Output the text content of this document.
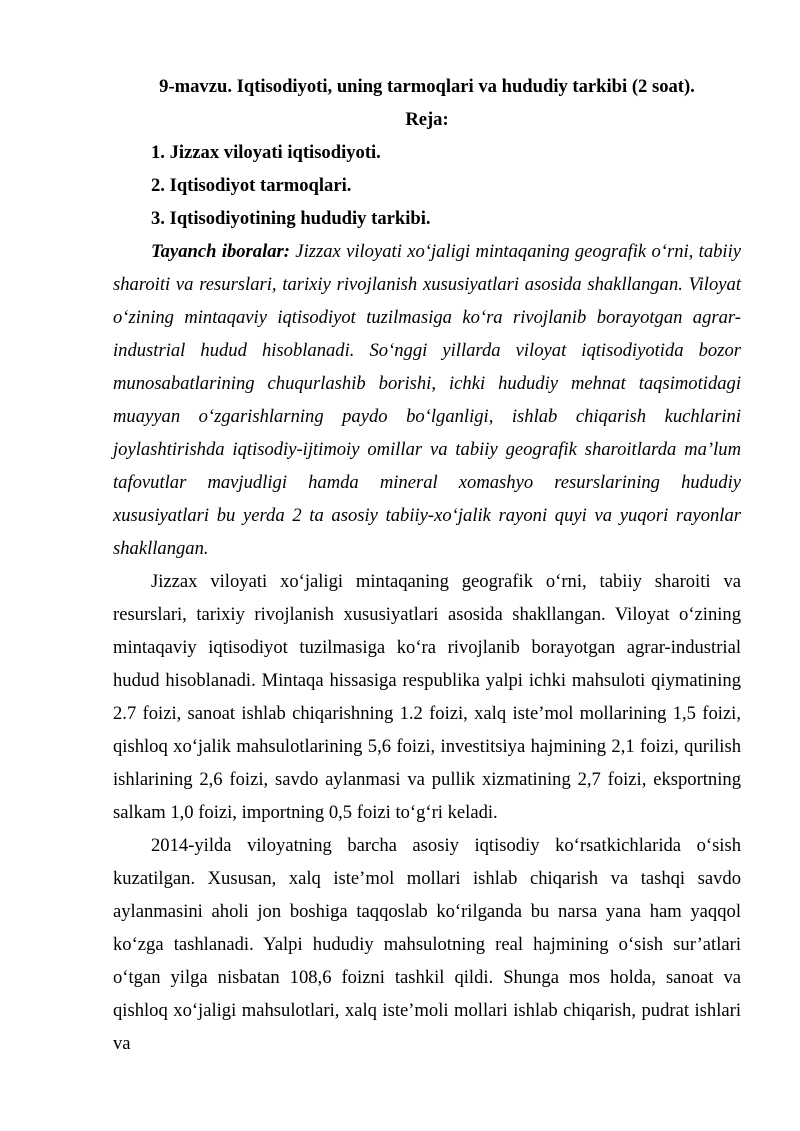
9-mavzu. Iqtisodiyoti, uning tarmoqlari va hududiy tarkibi (2 soat).

Reja:

1. Jizzax viloyati iqtisodiyoti.
2. Iqtisodiyot tarmoqlari.
3. Iqtisodiyotining hududiy tarkibi.

Tayanch iboralar: Jizzax viloyati xo‘jaligi mintaqaning geografik o‘rni, tabiiy sharoiti va resurslari, tarixiy rivojlanish xususiyatlari asosida shakllangan. Viloyat o‘zining mintaqaviy iqtisodiyot tuzilmasiga ko‘ra rivojlanib borayotgan agrar-industrial hudud hisoblanadi. So‘nggi yillarda viloyat iqtisodiyotida bozor munosabatlarining chuqurlashib borishi, ichki hududiy mehnat taqsimotidagi muayyan o‘zgarishlarning paydo bo‘lganligi, ishlab chiqarish kuchlarini joylashtirishda iqtisodiy-ijtimoiy omillar va tabiiy geografik sharoitlarda ma’lum tafovutlar mavjudligi hamda mineral xomashyo resurslarining hududiy xususiyatlari bu yerda 2 ta asosiy tabiiy-xo‘jalik rayoni quyi va yuqori rayonlar shakllangan.

Jizzax viloyati xo‘jaligi mintaqaning geografik o‘rni, tabiiy sharoiti va resurslari, tarixiy rivojlanish xususiyatlari asosida shakllangan. Viloyat o‘zining mintaqaviy iqtisodiyot tuzilmasiga ko‘ra rivojlanib borayotgan agrar-industrial hudud hisoblanadi. Mintaqa hissasiga respublika yalpi ichki mahsuloti qiymatining 2.7 foizi, sanoat ishlab chiqarishning 1.2 foizi, xalq iste’mol mollarining 1,5 foizi, qishloq xo‘jalik mahsulotlarining 5,6 foizi, investitsiya hajmining 2,1 foizi, qurilish ishlarining 2,6 foizi, savdo aylanmasi va pullik xizmatining 2,7 foizi, eksportning salkam 1,0 foizi, importning 0,5 foizi to‘g‘ri keladi.

2014-yilda viloyatning barcha asosiy iqtisodiy ko‘rsatkichlarida o‘sish kuzatilgan. Xususan, xalq iste’mol mollari ishlab chiqarish va tashqi savdo aylanmasini aholi jon boshiga taqqoslab ko‘rilganda bu narsa yana ham yaqqol ko‘zga tashlanadi. Yalpi hududiy mahsulotning real hajmining o‘sish sur’atlari o‘tgan yilga nisbatan 108,6 foizni tashkil qildi. Shunga mos holda, sanoat va qishloq xo‘jaligi mahsulotlari, xalq iste’moli mollari ishlab chiqarish, pudrat ishlari va
